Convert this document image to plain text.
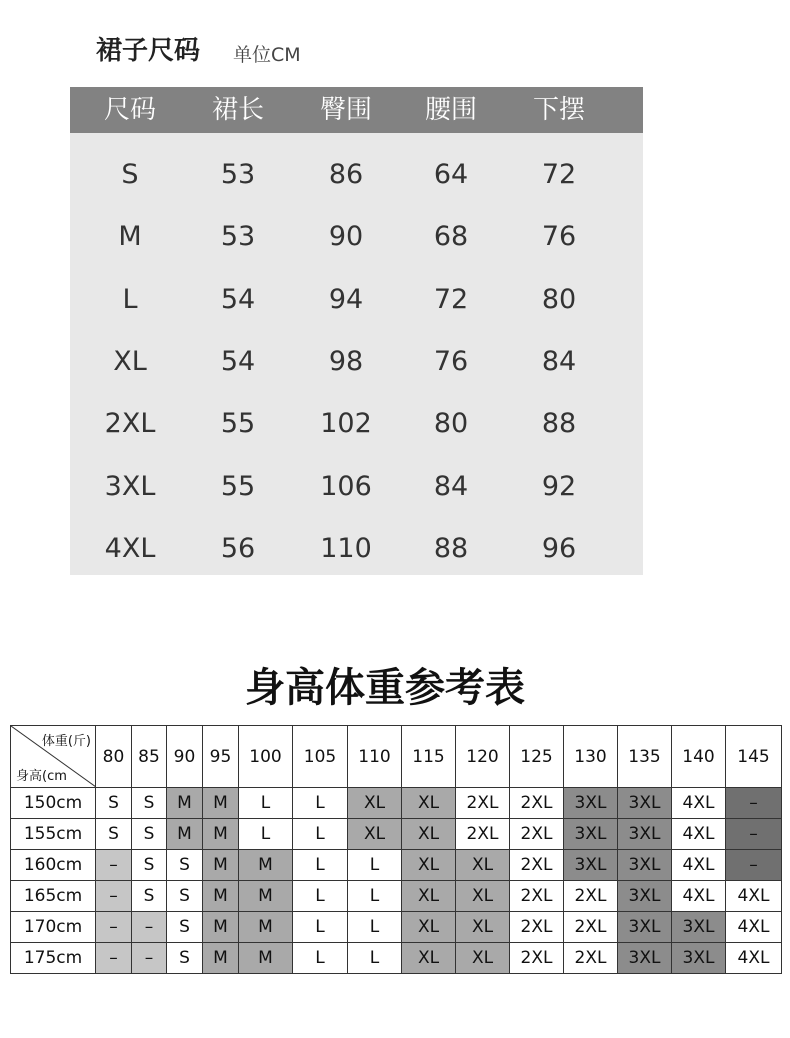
裙子尺码 单位CM
尺码	裙长	臀围	腰围	下摆
S	53	86	64	72
M	53	90	68	76
L	54	94	72	80
XL	54	98	76	84
2XL	55	102	80	88
3XL	55	106	84	92
4XL	56	110	88	96
身高体重参考表
体重(斤)
身高(cm	80	85	90	95	100	105	110	115	120	125	130	135	140	145
150cm	S	S	M	M	L	L	XL	XL	2XL	2XL	3XL	3XL	4XL	–
155cm	S	S	M	M	L	L	XL	XL	2XL	2XL	3XL	3XL	4XL	–
160cm	–	S	S	M	M	L	L	XL	XL	2XL	3XL	3XL	4XL	–
165cm	–	S	S	M	M	L	L	XL	XL	2XL	2XL	3XL	4XL	4XL
170cm	–	–	S	M	M	L	L	XL	XL	2XL	2XL	3XL	3XL	4XL
175cm	–	–	S	M	M	L	L	XL	XL	2XL	2XL	3XL	3XL	4XL
